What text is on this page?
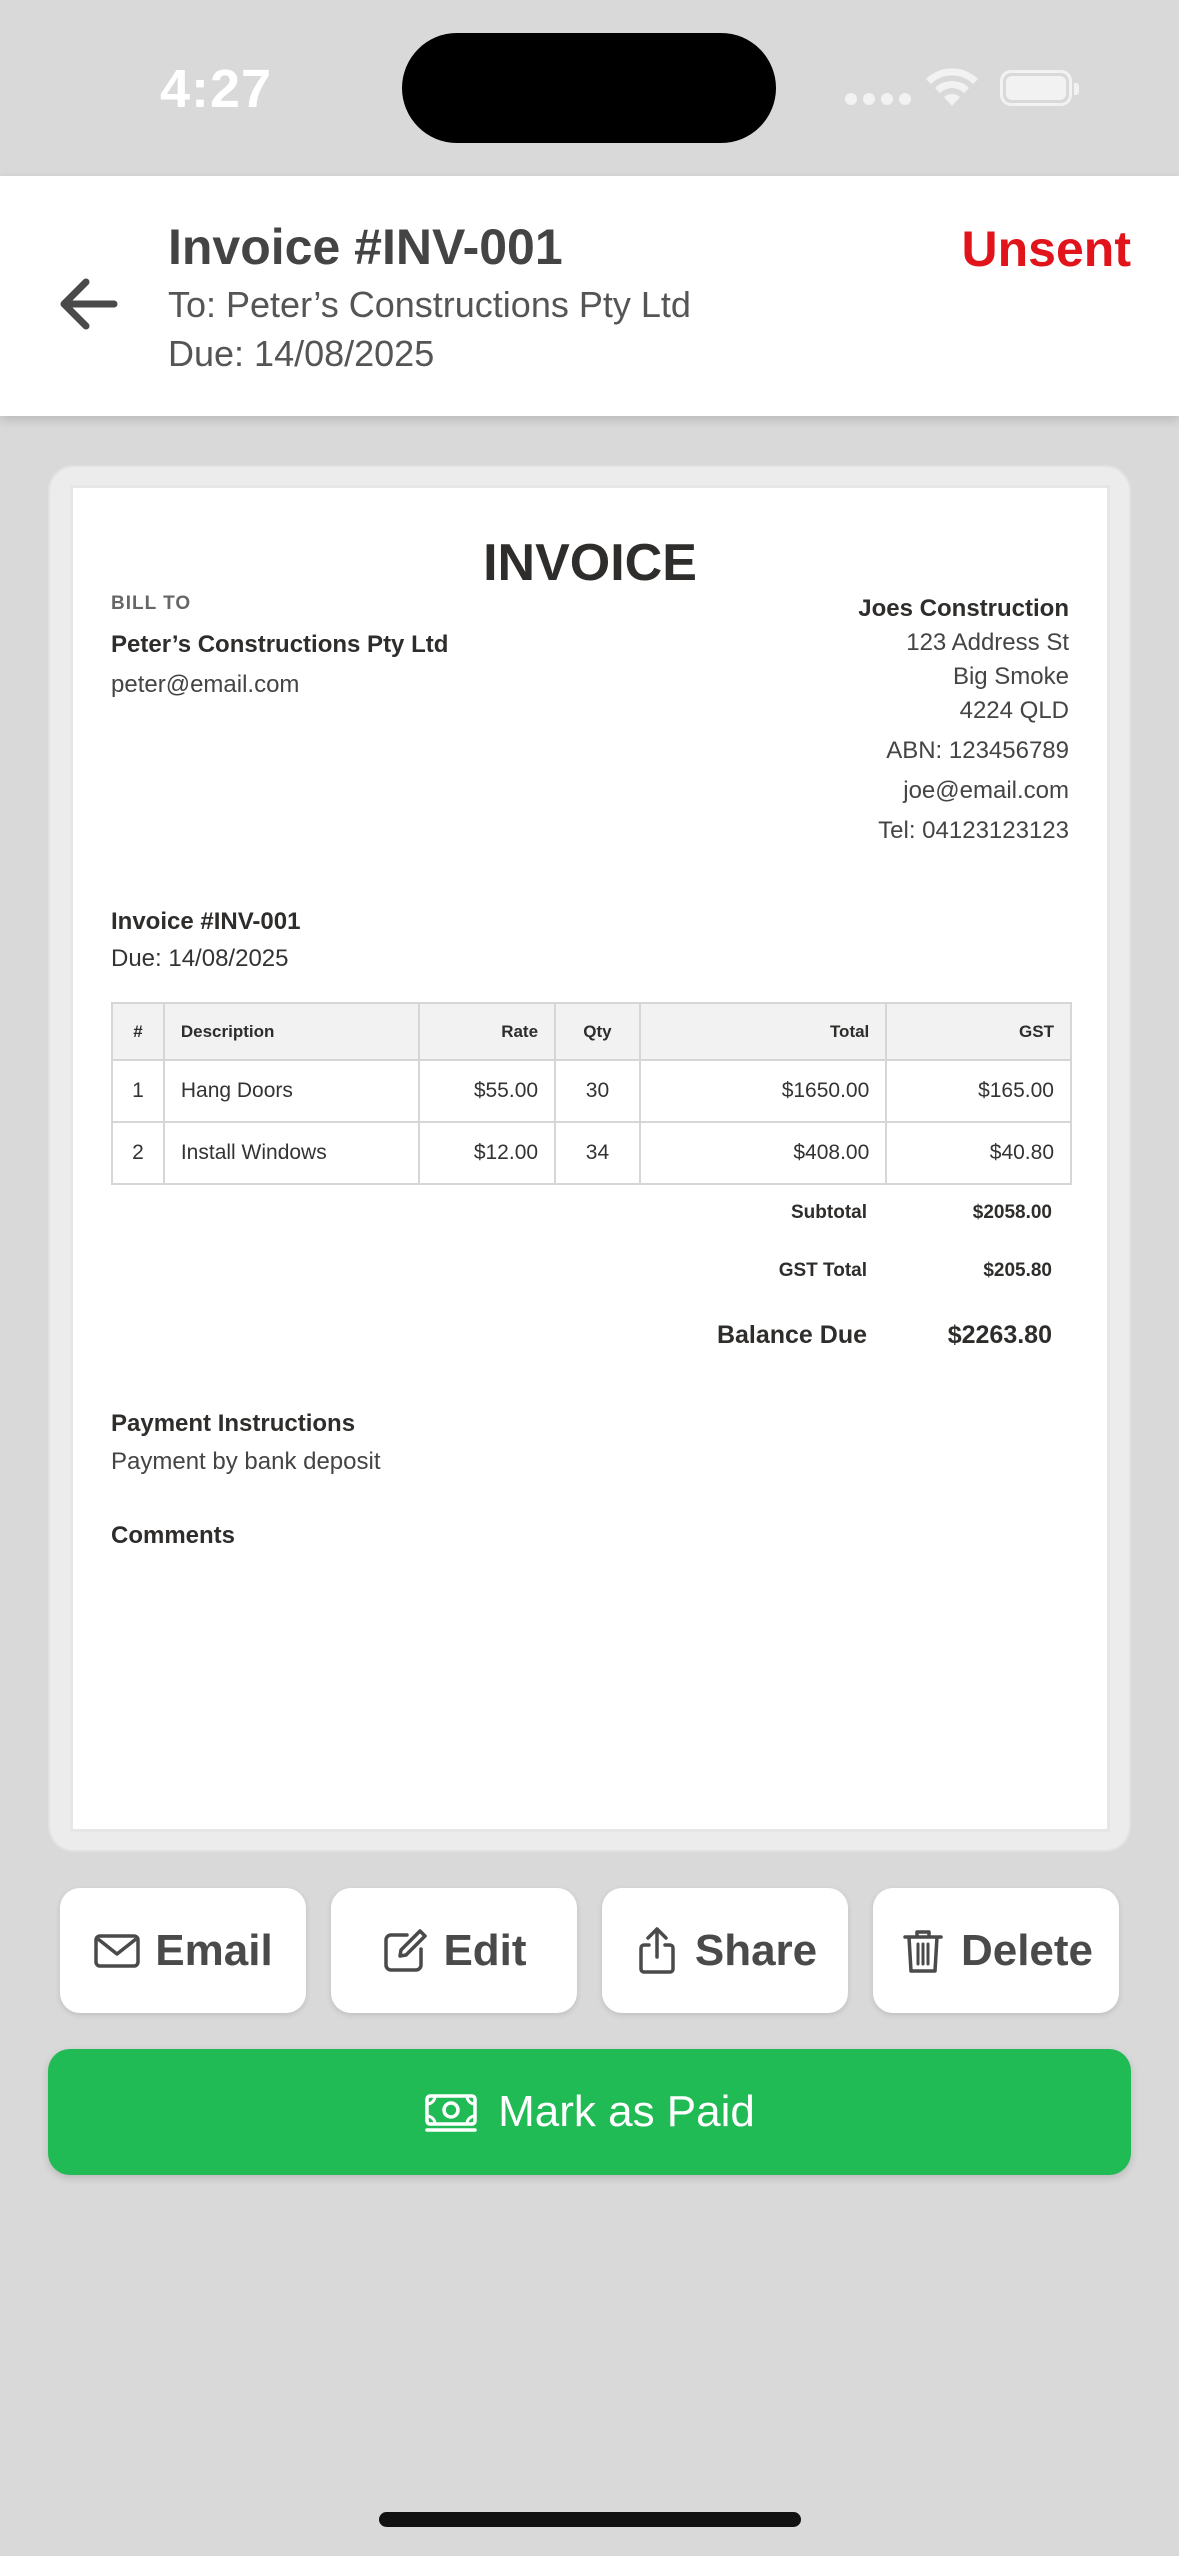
4:27
Invoice #INV-001
To: Peter’s Constructions Pty Ltd
Due: 14/08/2025
Unsent
INVOICE
BILL TO
Peter’s Constructions Pty Ltd
peter@email.com
Joes Construction
123 Address St
Big Smoke
4224 QLD
ABN: 123456789
joe@email.com
Tel: 04123123123
Invoice #INV-001
Due: 14/08/2025
#	Description	Rate	Qty	Total	GST
1	Hang Doors	$55.00	30	$1650.00	$165.00
2	Install Windows	$12.00	34	$408.00	$40.80
Subtotal	$2058.00
GST Total	$205.80
Balance Due	$2263.80
Payment Instructions
Payment by bank deposit
Comments
Email	Edit	Share	Delete
Mark as Paid
